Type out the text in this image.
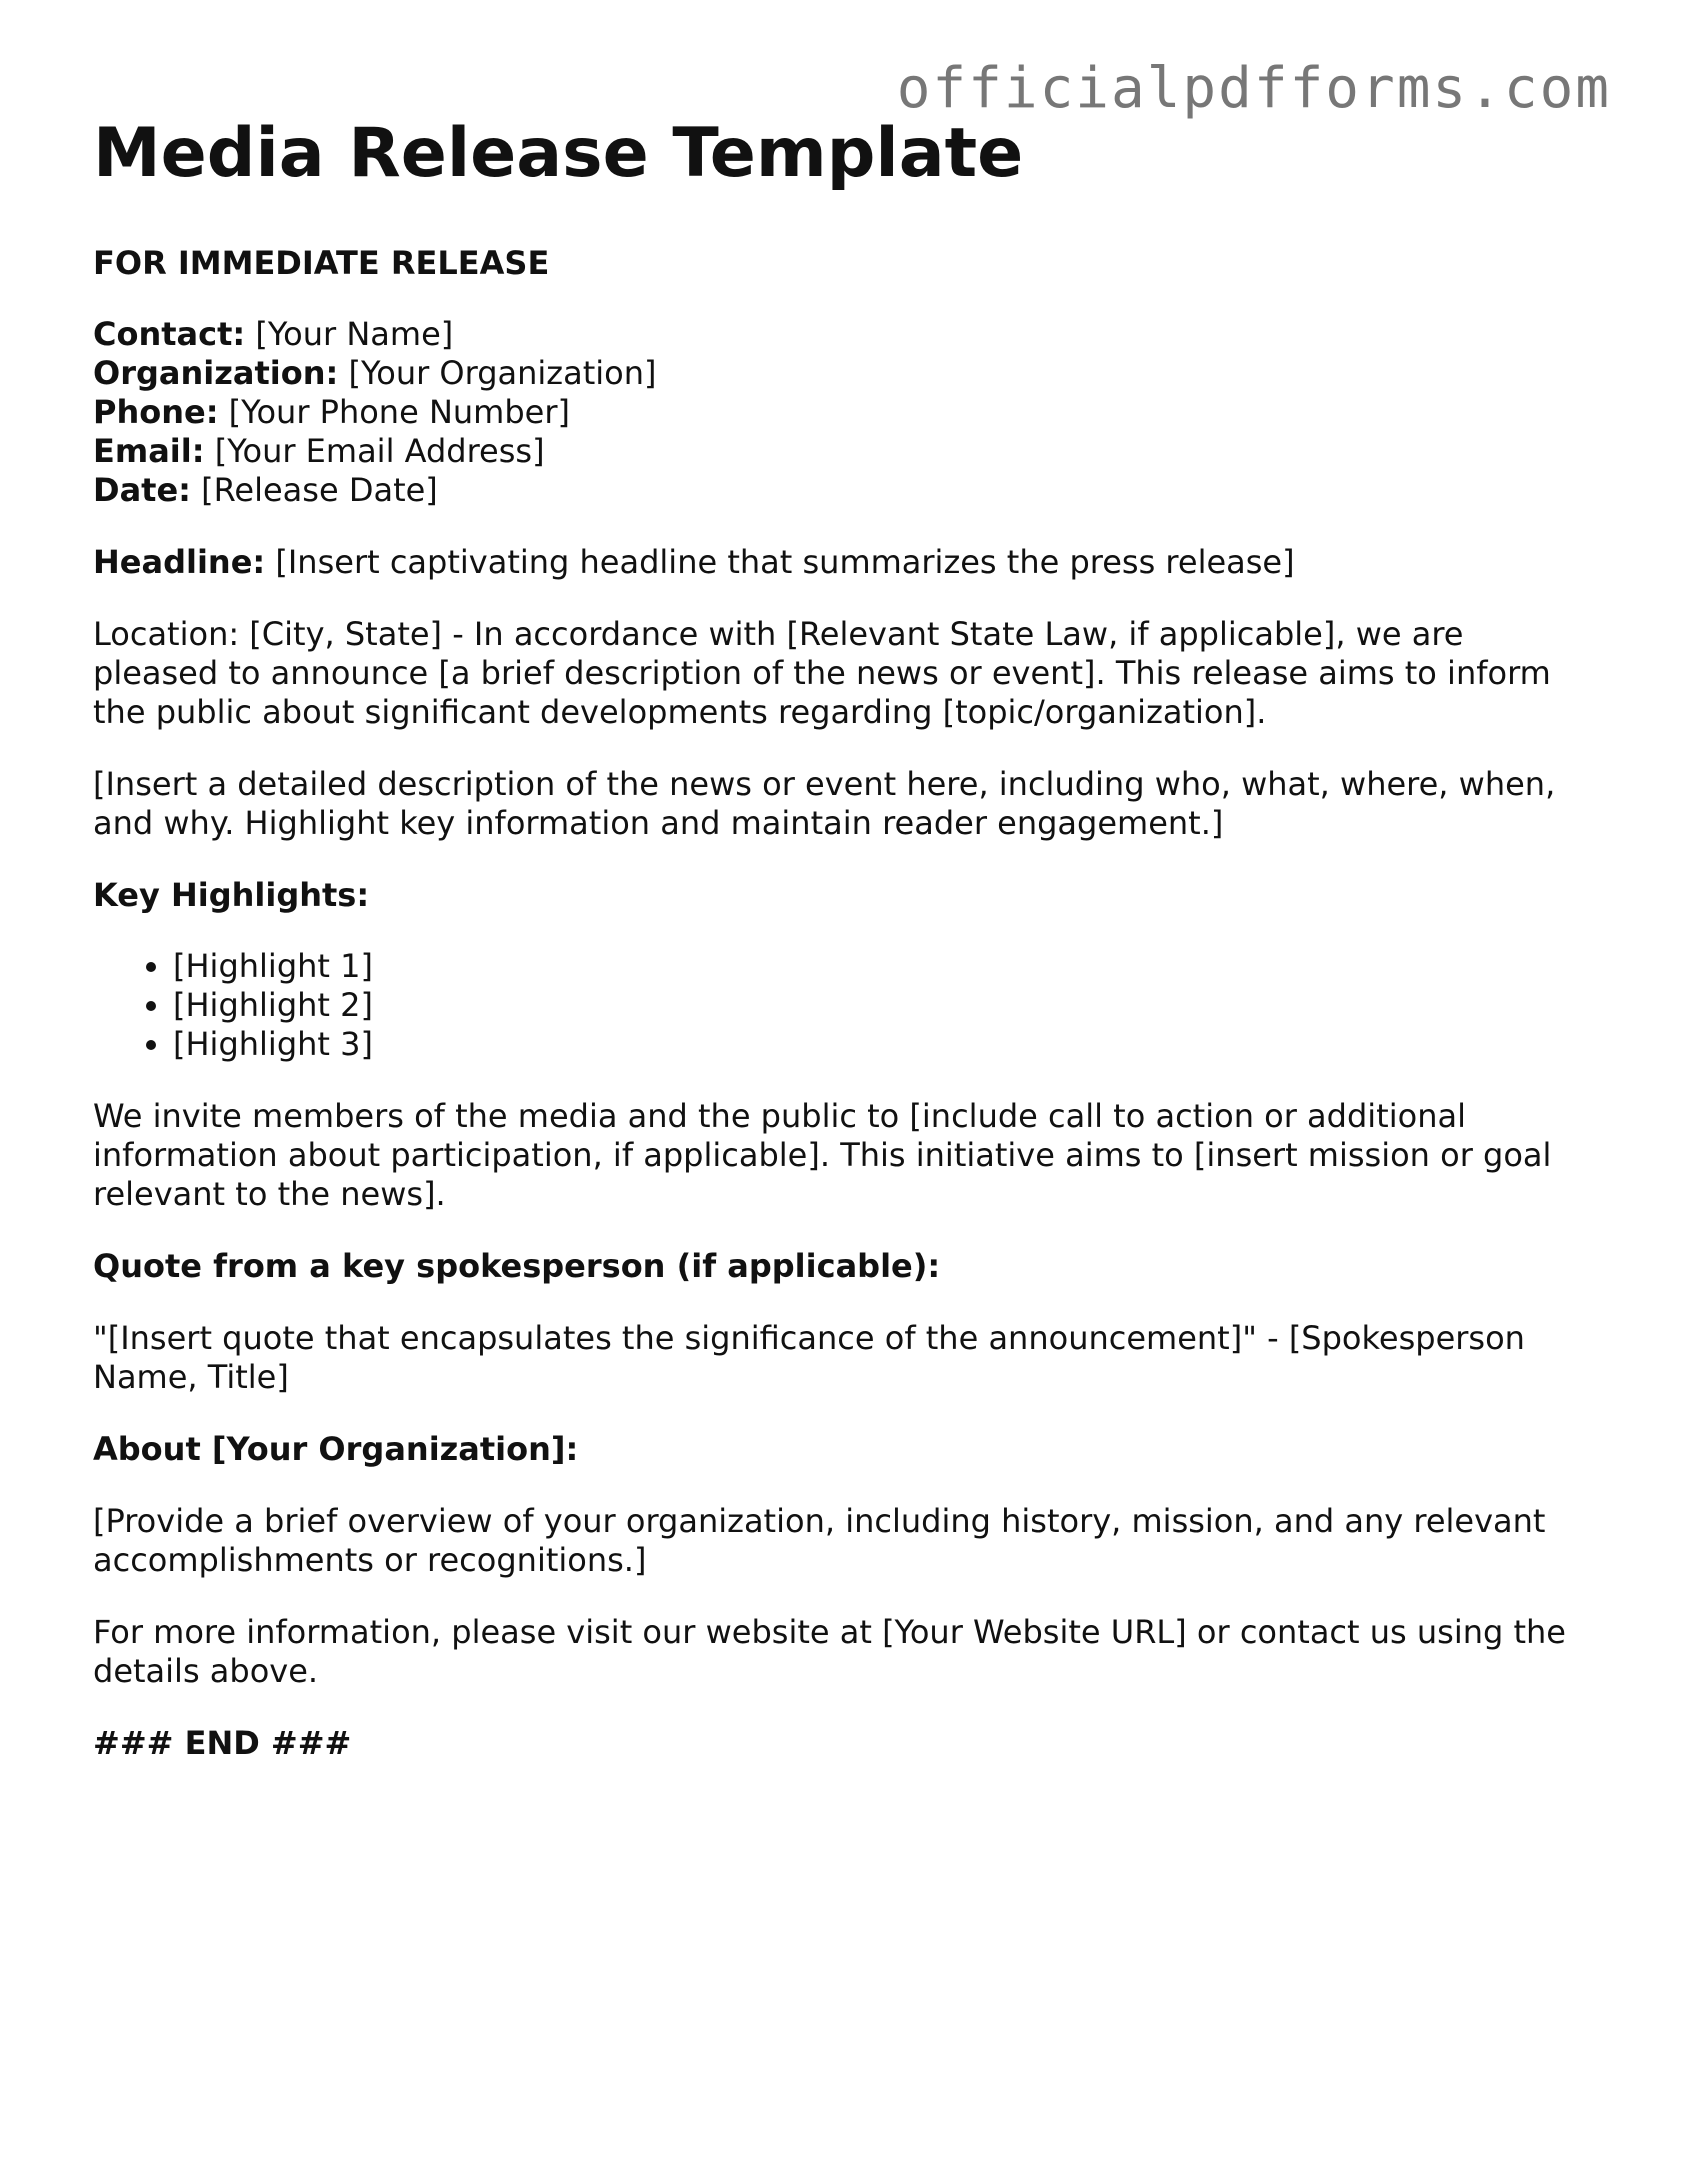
officialpdfforms.com
Media Release Template

FOR IMMEDIATE RELEASE

Contact: [Your Name]
Organization: [Your Organization]
Phone: [Your Phone Number]
Email: [Your Email Address]
Date: [Release Date]

Headline: [Insert captivating headline that summarizes the press release]

Location: [City, State] - In accordance with [Relevant State Law, if applicable], we are pleased to announce [a brief description of the news or event]. This release aims to inform the public about significant developments regarding [topic/organization].

[Insert a detailed description of the news or event here, including who, what, where, when, and why. Highlight key information and maintain reader engagement.]

Key Highlights:

• [Highlight 1]
• [Highlight 2]
• [Highlight 3]

We invite members of the media and the public to [include call to action or additional information about participation, if applicable]. This initiative aims to [insert mission or goal relevant to the news].

Quote from a key spokesperson (if applicable):

"[Insert quote that encapsulates the significance of the announcement]" - [Spokesperson Name, Title]

About [Your Organization]:

[Provide a brief overview of your organization, including history, mission, and any relevant accomplishments or recognitions.]

For more information, please visit our website at [Your Website URL] or contact us using the details above.

### END ###
